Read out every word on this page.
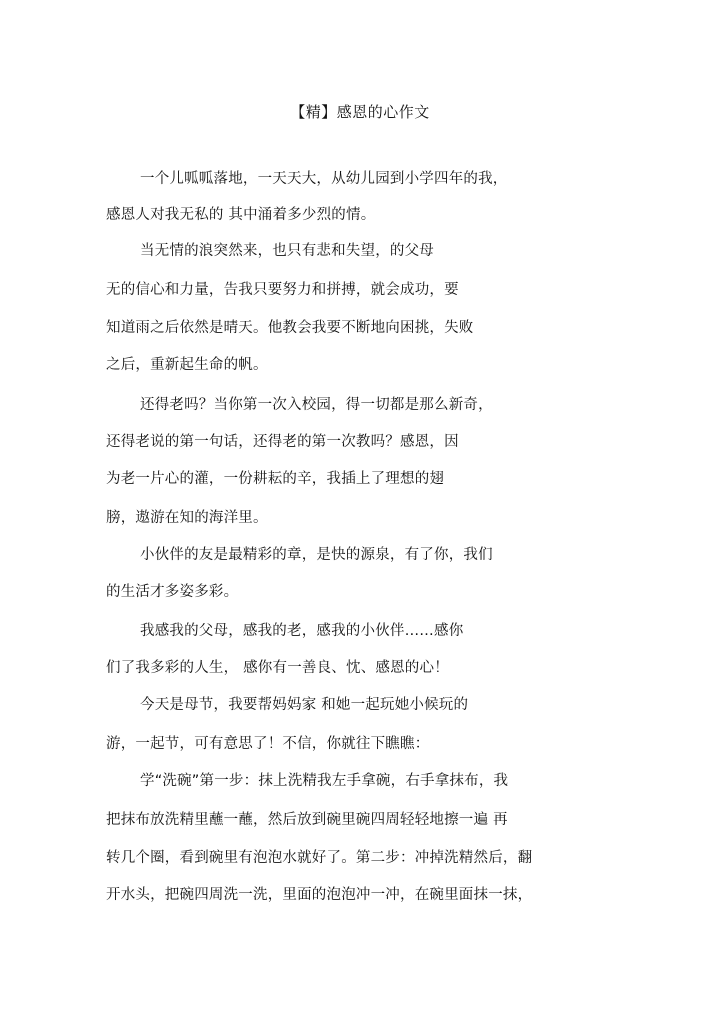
【精】感恩的心作文
一个儿呱呱落地，一天天大，从幼儿园到小学四年的我，
感恩人对我无私的 其中涌着多少烈的情。
当无情的浪突然来，也只有悲和失望，的父母
无的信心和力量，告我只要努力和拼搏，就会成功，要
知道雨之后依然是晴天。他教会我要不断地向困挑，失败
之后，重新起生命的帆。
还得老吗？当你第一次入校园，得一切都是那么新奇，
还得老说的第一句话，还得老的第一次教吗？感恩，因
为老一片心的灌，一份耕耘的辛，我插上了理想的翅
膀，遨游在知的海洋里。
小伙伴的友是最精彩的章，是快的源泉，有了你，我们
的生活才多姿多彩。
我感我的父母，感我的老，感我的小伙伴……感你
们了我多彩的人生， 感你有一善良、忱、感恩的心！
今天是母节，我要帮妈妈家 和她一起玩她小候玩的
游，一起节，可有意思了！不信，你就往下瞧瞧：
学“洗碗”第一步：抹上洗精我左手拿碗，右手拿抹布，我
把抹布放洗精里蘸一蘸，然后放到碗里碗四周轻轻地擦一遍 再
转几个圈，看到碗里有泡泡水就好了。第二步：冲掉洗精然后，翻
开水头，把碗四周洗一洗，里面的泡泡冲一冲，在碗里面抹一抹，
